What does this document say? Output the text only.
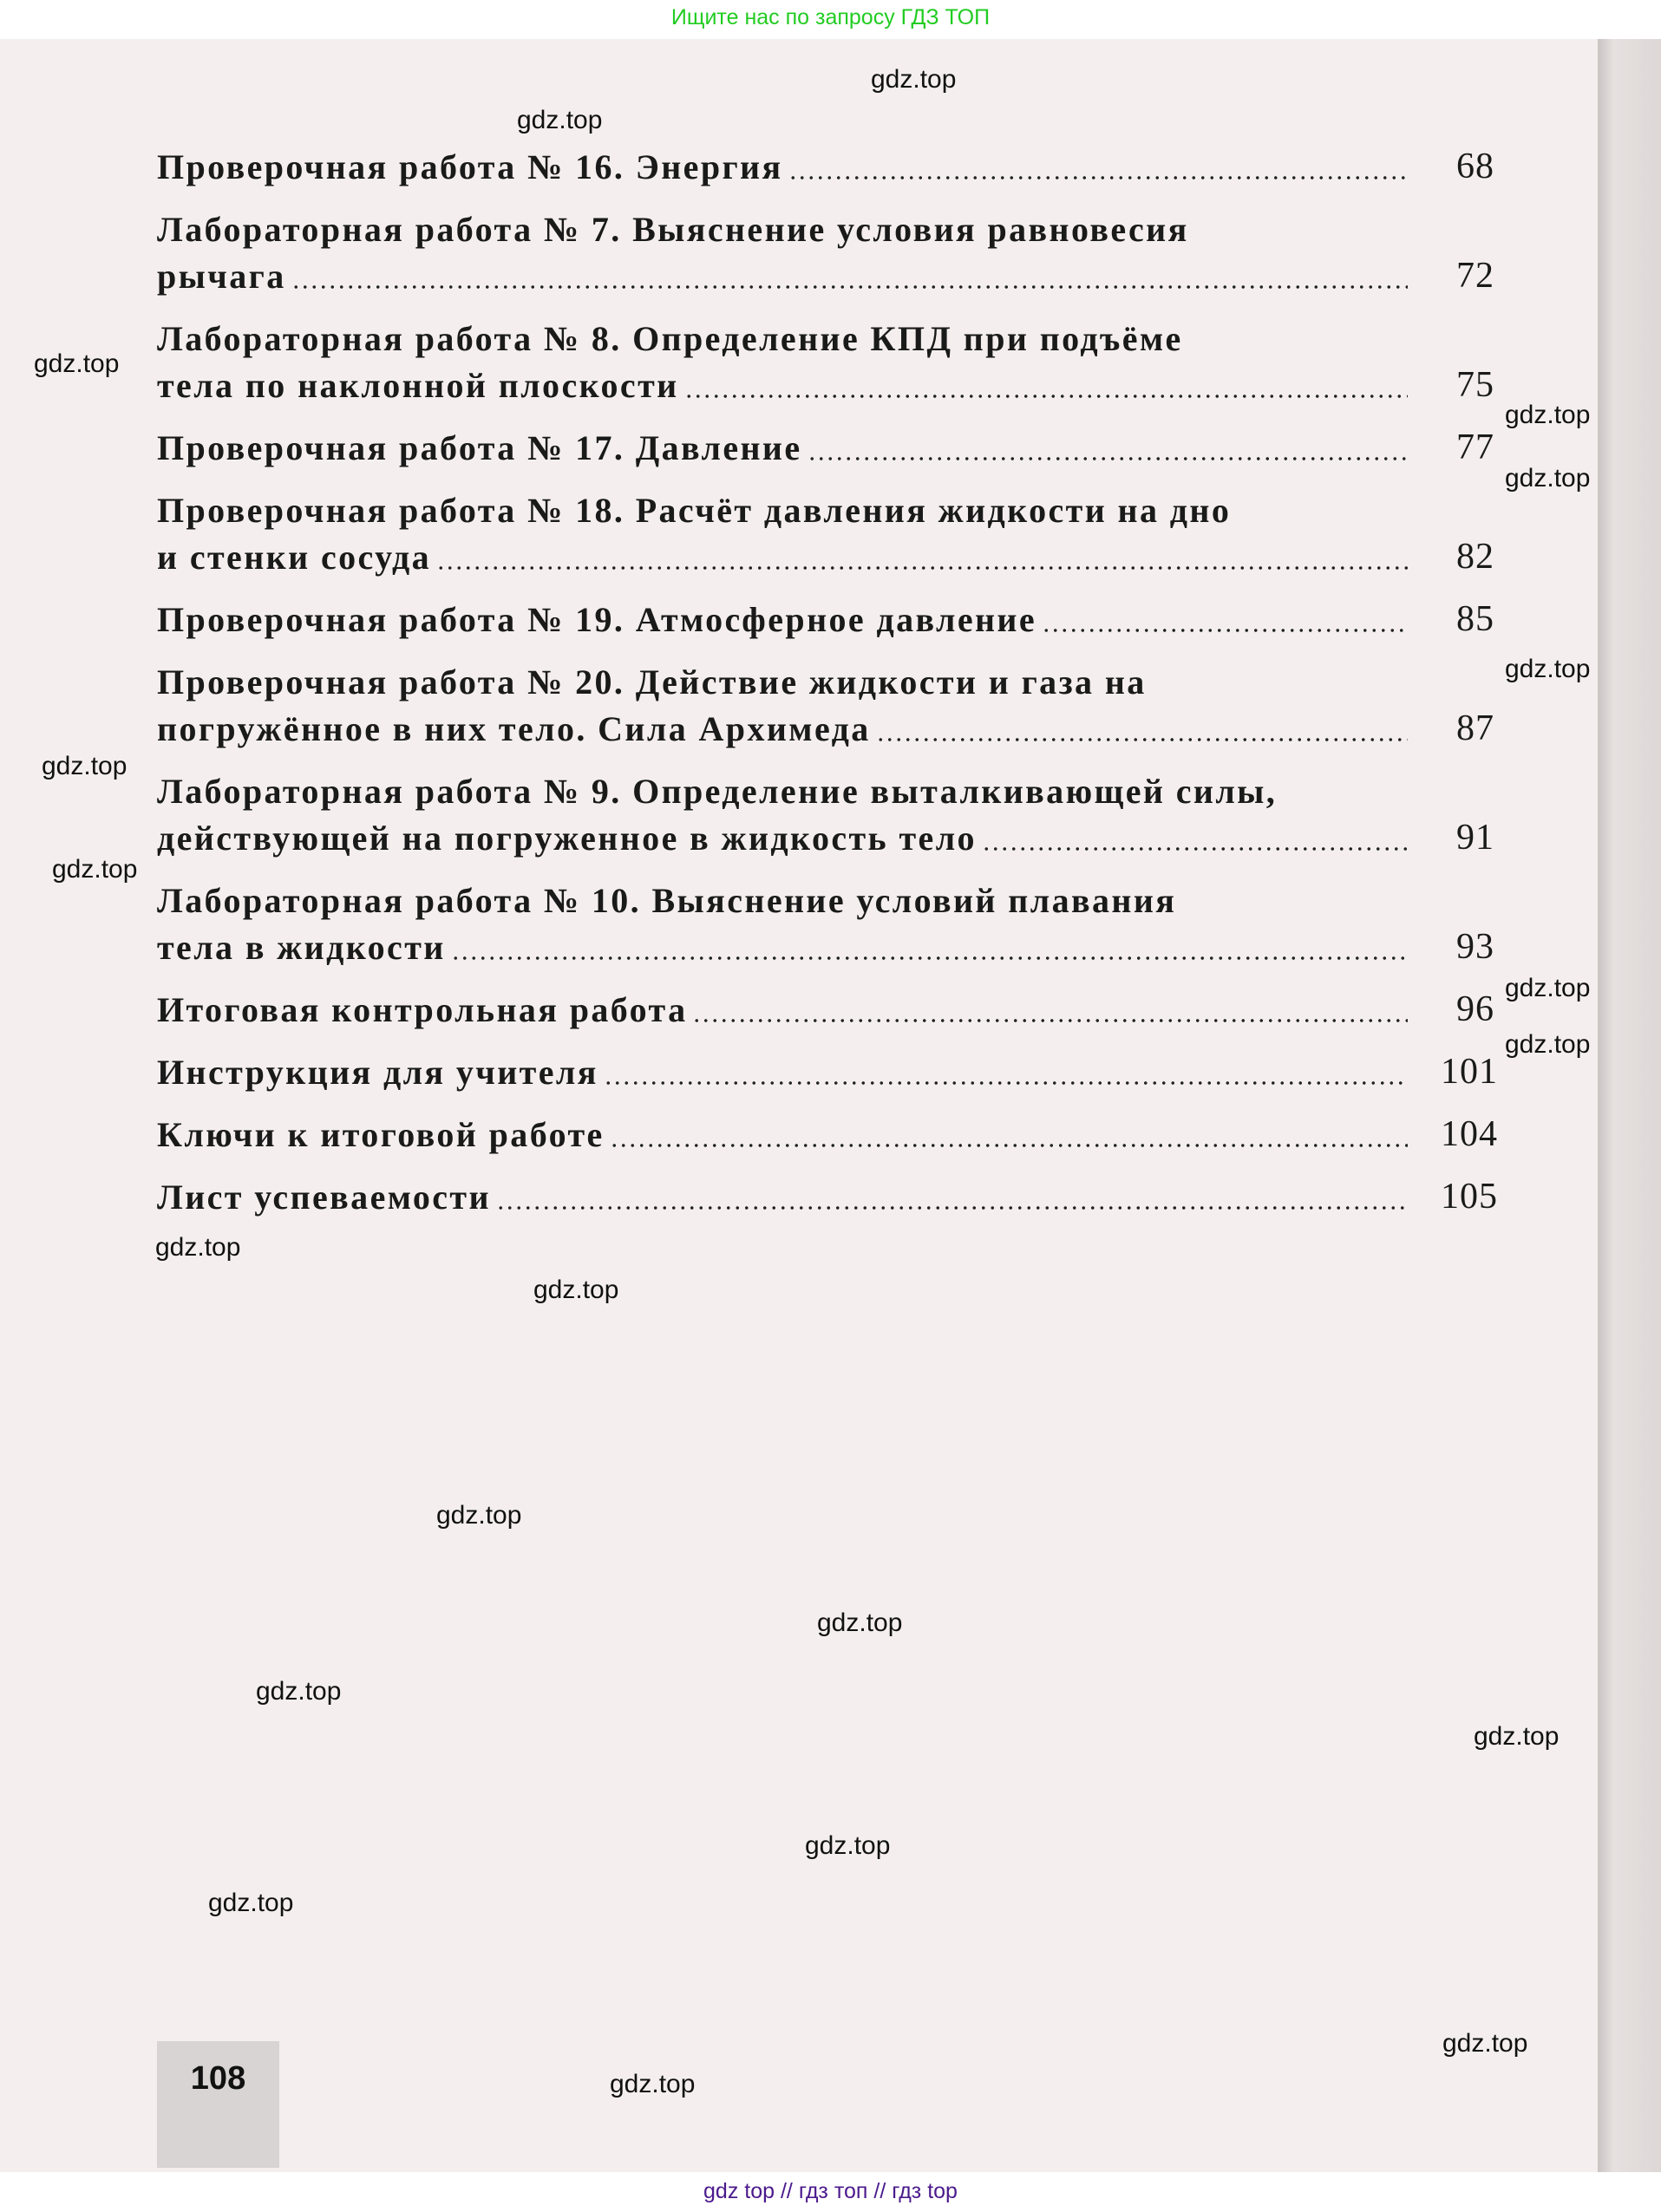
Ищите нас по запросу ГДЗ ТОП
Проверочная работа № 16. Энергия	68
Лабораторная работа № 7. Выяснение условия равновесия
рычага	72
Лабораторная работа № 8. Определение КПД при подъёме
тела по наклонной плоскости	75
Проверочная работа № 17. Давление	77
Проверочная работа № 18. Расчёт давления жидкости на дно
и стенки сосуда	82
Проверочная работа № 19. Атмосферное давление	85
Проверочная работа № 20. Действие жидкости и газа на
погружённое в них тело. Сила Архимеда	87
Лабораторная работа № 9. Определение выталкивающей силы,
действующей на погруженное в жидкость тело	91
Лабораторная работа № 10. Выяснение условий плавания
тела в жидкости	93
Итоговая контрольная работа	96
Инструкция для учителя	101
Ключи к итоговой работе	104
Лист успеваемости	105
108
gdz.top
gdz.top
gdz.top
gdz.top
gdz.top
gdz.top
gdz.top
gdz.top
gdz.top
gdz.top
gdz.top
gdz.top
gdz.top
gdz.top
gdz.top
gdz.top
gdz.top
gdz.top
gdz.top
gdz.top
gdz top // гдз топ // гдз top
